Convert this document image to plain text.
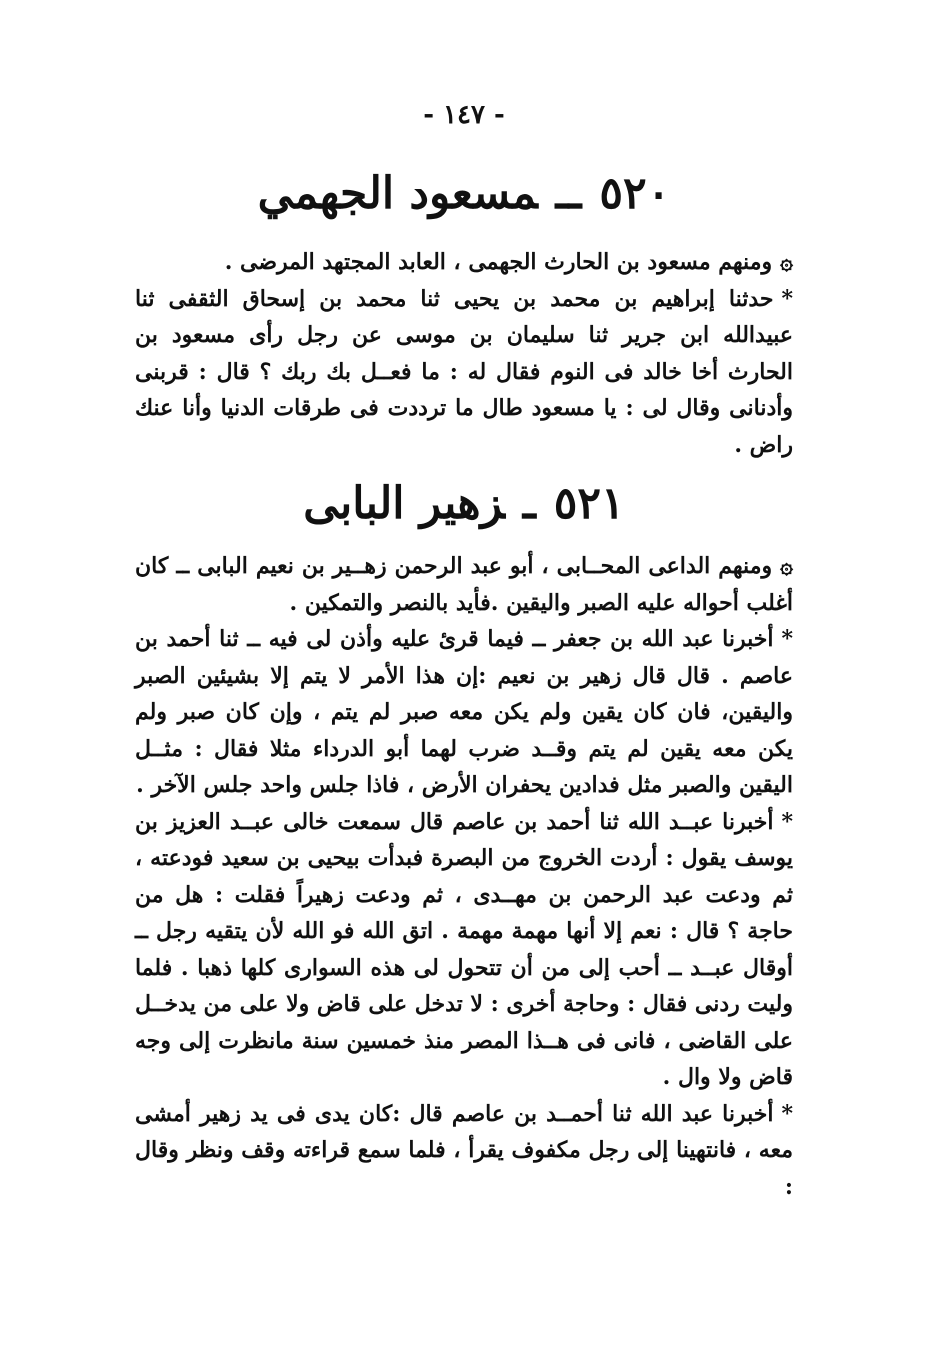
- ١٤٧ -
٥٢٠ــمسعود الجهمي

۞ومنهم مسعود بن الحارث الجهمى ، العابد المجتهد المرضى .

*حدثنا إبراهيم بن محمد بن يحيى ثنا محمد بن إسحاق الثقفى ثنا عبيدالله ابن جرير ثنا سليمان بن موسى عن رجل رأى مسعود بن الحارث أخا خالد فى النوم فقال له : ما فعــل بك ربك ؟ قال : قربنى وأدنانى وقال لى : يا مسعود طال ما ترددت فى طرقات الدنيا وأنا عنك راض .

٥٢١ـزهير البابى

۞ومنهم الداعى المحــابى ، أبو عبد الرحمن زهــير بن نعيم البابى ــ كان أغلب أحواله عليه الصبر واليقين .فأيد بالنصر والتمكين .

*أخبرنا عبد الله بن جعفر ــ فيما قرئ عليه وأذن لى فيه ــ ثنا أحمد بن عاصم . قال قال زهير بن نعيم :إن هذا الأمر لا يتم إلا بشيئين الصبر واليقين، فان كان يقين ولم يكن معه صبر لم يتم ، وإن كان صبر ولم يكن معه يقين لم يتم وقــد ضرب لهما أبو الدرداء مثلا فقال : مثــل اليقين والصبر مثل فدادين يحفران الأرض ، فاذا جلس واحد جلس الآخر .

*أخبرنا عبــد الله ثنا أحمد بن عاصم قال سمعت خالى عبــد العزيز بن يوسف يقول : أردت الخروج من البصرة فبدأت بيحيى بن سعيد فودعته ، ثم ودعت عبد الرحمن بن مهــدى ، ثم ودعت زهيراً فقلت : هل من حاجة ؟ قال : نعم إلا أنها مهمة مهمة . اتق الله فو الله لأن يتقيه رجل ــ أوقال عبــد ــ أحب إلى من أن تتحول لى هذه السوارى كلها ذهبا . فلما وليت ردنى فقال : وحاجة أخرى : لا تدخل على قاض ولا على من يدخــل على القاضى ، فانى فى هــذا المصر منذ خمسين سنة مانظرت إلى وجه قاض ولا وال .

*أخبرنا عبد الله ثنا أحمــد بن عاصم قال :كان يدى فى يد زهير أمشى معه ، فانتهينا إلى رجل مكفوف يقرأ ، فلما سمع قراءته وقف ونظر وقال :
